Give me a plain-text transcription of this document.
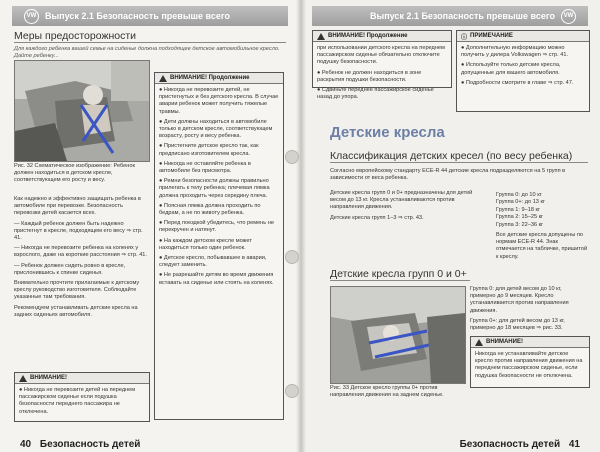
VW Выпуск 2.1 Безопасность превыше всего
Меры предосторожности
Для каждого ребенка вашей семье на сиденье должна подходящее детское автомобильное кресло. Дайте ребенку...
Рис. 32 Схематическое изображение: Ребенок должен находиться в детском кресле, соответствующем его росту и весу.

Как надежно и эффективно защищать ребенка в автомобиле при перевозке. Безопасность перевозки детей касается всех.

— Каждый ребенок должен быть надежно пристегнут в кресле, подходящем его весу ⇒ стр. 41.

— Никогда не перевозите ребенка на коленях у взрослого, даже на короткие расстояния ⇒ стр. 41.

— Ребенок должен сидеть ровно в кресле, прислонившись к спинке сиденья.

Внимательно прочтите прилагаемые к детскому креслу руководство изготовителя. Соблюдайте указанные там требования.

Рекомендуем устанавливать детские кресла на задних сиденьях автомобиля.

ВНИМАНИЕ!
● Никогда не перевозите детей на переднем пассажирском сиденье если подушка безопасности переднего пассажира не отключена.
ВНИМАНИЕ! Продолжение

● Никогда не перевозите детей, не пристегнутых и без детского кресла. В случае аварии ребенок может получить тяжелые травмы.

● Дети должны находиться в автомобиле только в детском кресле, соответствующем возрасту, росту и весу ребенка.

● Пристегните детское кресло так, как предписано изготовителем кресла.

● Никогда не оставляйте ребенка в автомобиле без присмотра.

● Ремни безопасности должны правильно прилегать к телу ребенка; плечевая лямка должна проходить через середину плеча.

● Поясная лямка должна проходить по бедрам, а не по животу ребенка.

● Перед поездкой убедитесь, что ремень не перекручен и натянут.

● На каждом детском кресле может находиться только один ребенок.

● Детское кресло, побывавшее в аварии, следует заменить.

● Не разрешайте детям во время движения вставать на сиденье или стоять на коленях.

40 Безопасность детей
Выпуск 2.1 Безопасность превыше всего	VW
ВНИМАНИЕ! Продолжение

при использовании детского кресла на переднем пассажирском сиденье обязательно отключите подушку безопасности.

● Ребенок не должен находиться в зоне раскрытия подушки безопасности.

● Сдвиньте переднее пассажирское сиденье назад до упора.

ⓘ ПРИМЕЧАНИЕ

● Дополнительную информацию можно получить у дилера Volkswagen ⇒ стр. 41.

● Используйте только детские кресла, допущенные для вашего автомобиля.

● Подробности смотрите в главе ⇒ стр. 47.

Детские кресла
Классификация детских кресел (по весу ребенка)
Согласно европейскому стандарту ECE-R 44 детские кресла подразделяются на 5 групп в зависимости от веса ребенка.

Детские кресла групп 0 и 0+ предназначены для детей весом до 13 кг. Кресла устанавливаются против направления движения.

Детские кресла групп 1–3 ⇒ стр. 43.

Группа 0: до 10 кг
Группа 0+: до 13 кг
Группа 1: 9–18 кг
Группа 2: 15–25 кг
Группа 3: 22–36 кг
Все детские кресла допущены по нормам ECE-R 44. Знак отмечается на табличке, пришитой к креслу.
Детские кресла групп 0 и 0+
Рис. 33 Детское кресло группы 0+ против направления движения на заднем сиденье.

Группа 0: для детей весом до 10 кг, примерно до 9 месяцев. Кресло устанавливается против направления движения.

Группа 0+: для детей весом до 13 кг, примерно до 18 месяцев ⇒ рис. 33.

ВНИМАНИЕ!
Никогда не устанавливайте детское кресло против направления движения на переднем пассажирском сиденье, если подушка безопасности не отключена.
Безопасность детей 41
